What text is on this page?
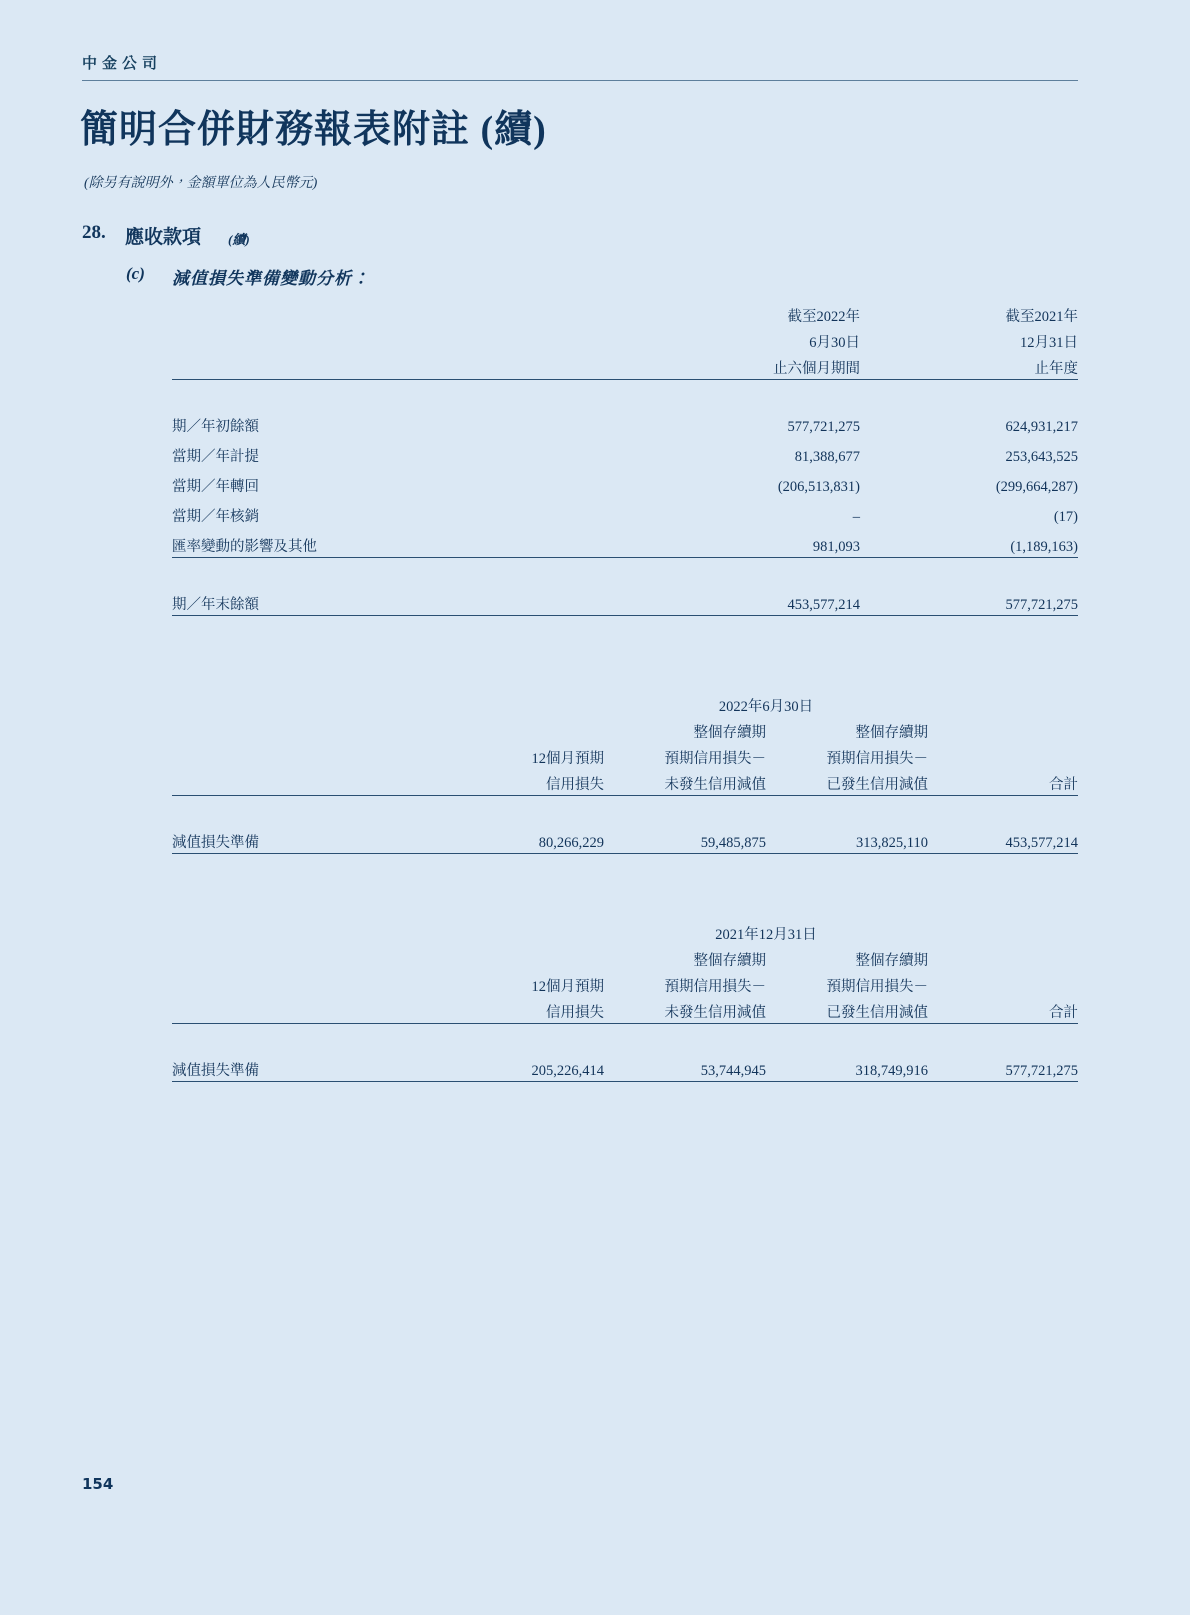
中金公司
簡明合併財務報表附註 (續)
(除另有說明外，金額單位為人民幣元)
28. 應收款項 (續)
(c) 減值損失準備變動分析：
	截至2022年	截至2021年
	6月30日	12月31日
	止六個月期間	止年度

期／年初餘額	577,721,275	624,931,217
當期／年計提	81,388,677	253,643,525
當期／年轉回	(206,513,831)	(299,664,287)
當期／年核銷	–	(17)
匯率變動的影響及其他	981,093	(1,189,163)

期／年末餘額	453,577,214	577,721,275

		2022年6月30日		
		整個存續期	整個存續期	
	12個月預期	預期信用損失－	預期信用損失－	
	信用損失	未發生信用減值	已發生信用減值	合計

減值損失準備	80,266,229	59,485,875	313,825,110	453,577,214

		2021年12月31日		
		整個存續期	整個存續期	
	12個月預期	預期信用損失－	預期信用損失－	
	信用損失	未發生信用減值	已發生信用減值	合計

減值損失準備	205,226,414	53,744,945	318,749,916	577,721,275

154
